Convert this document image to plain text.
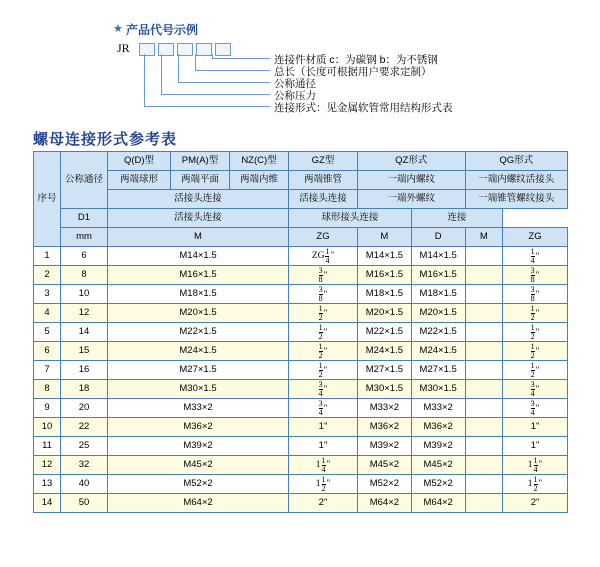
★ 产品代号示例
JR
连接件材质 c：为碳钢 b：为不锈钢
总长（长度可根据用户要求定制）
公称通径
公称压力
连接形式：见金属软管常用结构形式表
螺母连接形式参考表
序号	公称通径	Q(D)型	PM(A)型	NZ(C)型	GZ型	QZ形式		QG形式	
		两端球形	两端平面	两端内维	两端锥管	一端内螺纹		一端内螺纹活接头	
		活接头连接			活接头连接	一端外螺纹		一端锥管螺纹接头	
	D1	活接头连接			球形接头连接		连接		
	mm	M			ZG	M	D	M	ZG
1	6	M14×1.5			ZG $\frac{1}{4}$ "	M14×1.5	M14×1.5		$\frac{1}{4}$ "

2	8	M16×1.5			$\frac{3}{8}$ "	M16×1.5	M16×1.5		$\frac{3}{8}$ "

3	10	M18×1.5			$\frac{3}{8}$ "	M18×1.5	M18×1.5		$\frac{3}{8}$ "

4	12	M20×1.5			$\frac{1}{2}$ "	M20×1.5	M20×1.5		$\frac{1}{2}$ "

5	14	M22×1.5			$\frac{1}{2}$ "	M22×1.5	M22×1.5		$\frac{1}{2}$ "

6	15	M24×1.5			$\frac{1}{2}$ "	M24×1.5	M24×1.5		$\frac{1}{2}$ "

7	16	M27×1.5			$\frac{1}{2}$ "	M27×1.5	M27×1.5		$\frac{1}{2}$ "

8	18	M30×1.5			$\frac{3}{4}$ "	M30×1.5	M30×1.5		$\frac{3}{4}$ "

9	20	M33×2			$\frac{3}{4}$ "	M33×2	M33×2		$\frac{3}{4}$ "

10	22	M36×2			1"	M36×2	M36×2		1"
11	25	M39×2			1"	M39×2	M39×2		1"
12	32	M45×2			$1 \frac{1}{4}$ "	M45×2	M45×2		$1 \frac{1}{4}$ "

13	40	M52×2			$1 \frac{1}{2}$ "	M52×2	M52×2		$1 \frac{1}{2}$ "

14	50	M64×2			2"	M64×2	M64×2		2"
